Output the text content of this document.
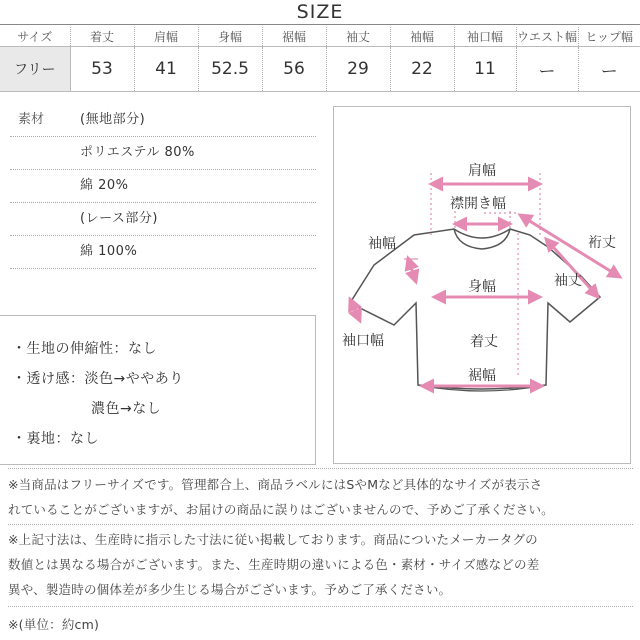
SIZE
サイズ	着丈	肩幅	身幅	裾幅	袖丈	袖幅	袖口幅	ウエスト幅	ヒップ幅
フリー	53	41	52.5	56	29	22	11	ー	ー
素材	(無地部分)
ポリエステル 80%
綿 20%
(レース部分)
綿 100%
・生地の伸縮性：なし
・透け感：淡色→ややあり
濃色→なし
・裏地：なし
肩幅
襟開き幅
袖幅	裄丈
袖丈
身幅
袖口幅	着丈
裾幅
※当商品はフリーサイズです。管理都合上、商品ラベルにはSやMなど具体的なサイズが表示さ
れていることがございますが、お届けの商品に誤りはございませんので、予めご了承ください。
※上記寸法は、生産時に指示した寸法に従い掲載しております。商品についたメーカータグの
数値とは異なる場合がございます。また、生産時期の違いによる色・素材・サイズ感などの差
異や、製造時の個体差が多少生じる場合がございます。予めご了承ください。
※(単位：約cm)
